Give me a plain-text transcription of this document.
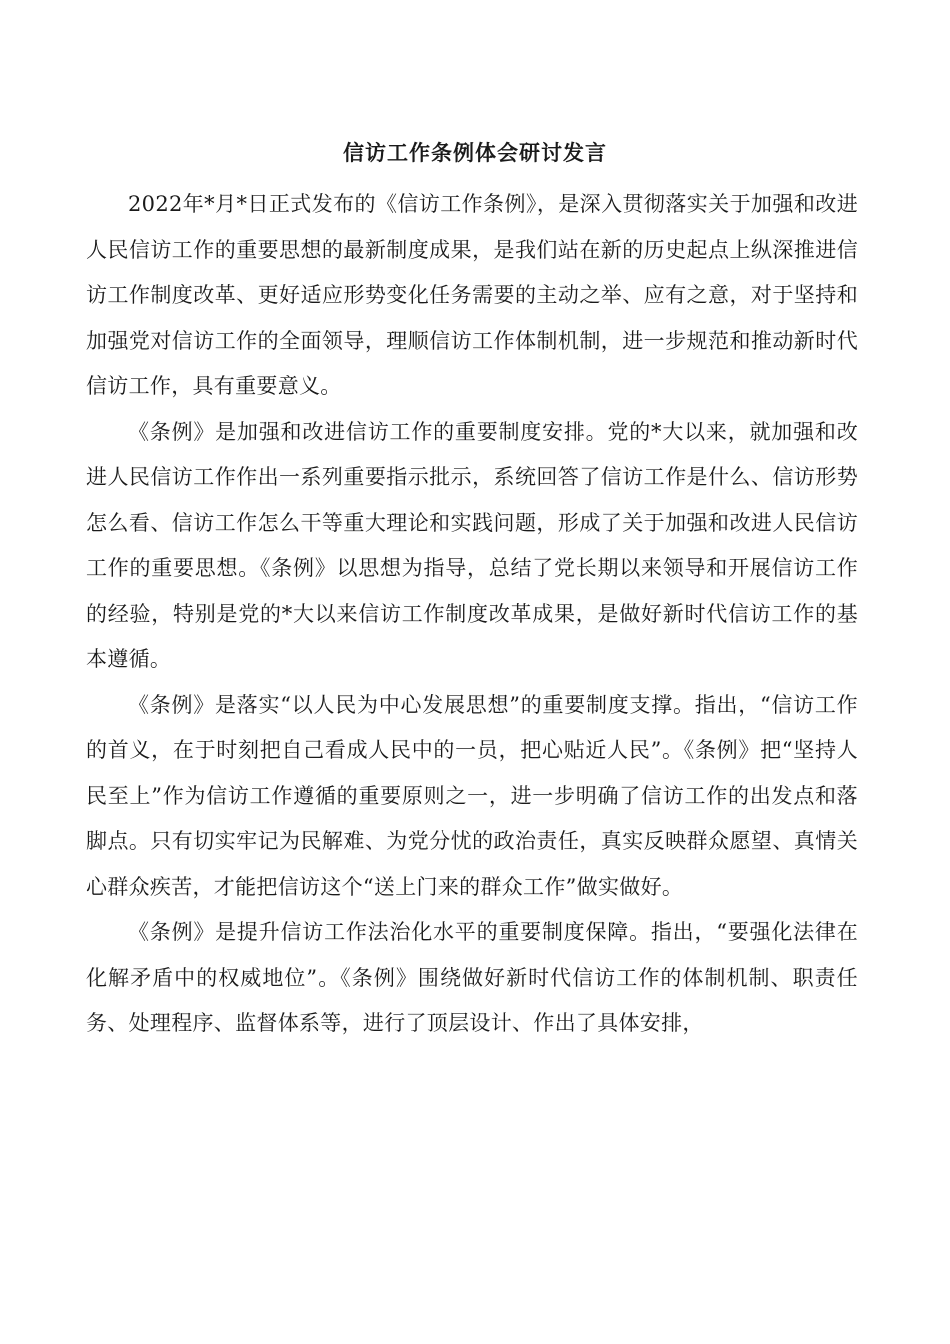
信访工作条例体会研讨发言

2022年*月*日正式发布的《信访工作条例》，是深入贯彻落实关于加强和改进人民信访工作的重要思想的最新制度成果，是我们站在新的历史起点上纵深推进信访工作制度改革、更好适应形势变化任务需要的主动之举、应有之意，对于坚持和加强党对信访工作的全面领导，理顺信访工作体制机制，进一步规范和推动新时代信访工作，具有重要意义。

《条例》是加强和改进信访工作的重要制度安排。党的*大以来，就加强和改进人民信访工作作出一系列重要指示批示，系统回答了信访工作是什么、信访形势怎么看、信访工作怎么干等重大理论和实践问题，形成了关于加强和改进人民信访工作的重要思想。《条例》以思想为指导，总结了党长期以来领导和开展信访工作的经验，特别是党的*大以来信访工作制度改革成果，是做好新时代信访工作的基本遵循。

《条例》是落实“以人民为中心发展思想”的重要制度支撑。指出，“信访工作的首义，在于时刻把自己看成人民中的一员，把心贴近人民”。《条例》把“坚持人民至上”作为信访工作遵循的重要原则之一，进一步明确了信访工作的出发点和落脚点。只有切实牢记为民解难、为党分忧的政治责任，真实反映群众愿望、真情关心群众疾苦，才能把信访这个“送上门来的群众工作”做实做好。

《条例》是提升信访工作法治化水平的重要制度保障。指出，“要强化法律在化解矛盾中的权威地位”。《条例》围绕做好新时代信访工作的体制机制、职责任务、处理程序、监督体系等，进行了顶层设计、作出了具体安排，
